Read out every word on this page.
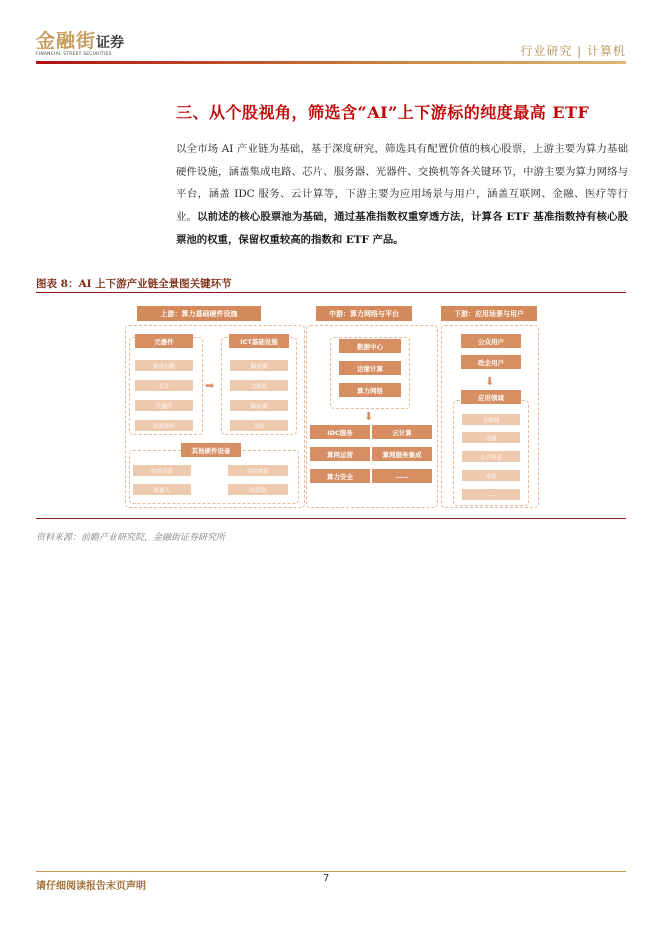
金融街证券
FINANCIAL STREET SECURITIES	行业研究 | 计算机
三、从个股视角，筛选含“AI”上下游标的纯度最高 ETF
以全市场 AI 产业链为基础，基于深度研究，筛选具有配置价值的核心股票，上游主要为算力基础硬件设施，涵盖集成电路、芯片、服务器、光器件、交换机等各关键环节，中游主要为算力网络与平台，涵盖 IDC 服务、云计算等，下游主要为应用场景与用户，涵盖互联网、金融、医疗等行业。以前述的核心股票池为基础，通过基准指数权重穿透方法，计算各 ETF 基准指数持有核心股票池的权重，保留权重较高的指数和 ETF 产品。
图表 8：AI 上下游产业链全景图关键环节
上游：算力基础硬件设施
元器件
集成电路
芯片
光器件
射频器件
➡
ICT基础设施
服务器
交换机
路由器
基站
其他硬件设备
电源设备	温控系统
机器人	传感器
中游：算力网络与平台
数据中心
边缘计算
算力网络
⬇
IDC服务	云计算
算网运营	算网服务集成
算力安全	……
下游：应用场景与用户
公众用户
政企用户
⬇
应用领域
互联网
金融
公共事业
电信
……
资料来源：前瞻产业研究院，金融街证券研究所
请仔细阅读报告末页声明
7
